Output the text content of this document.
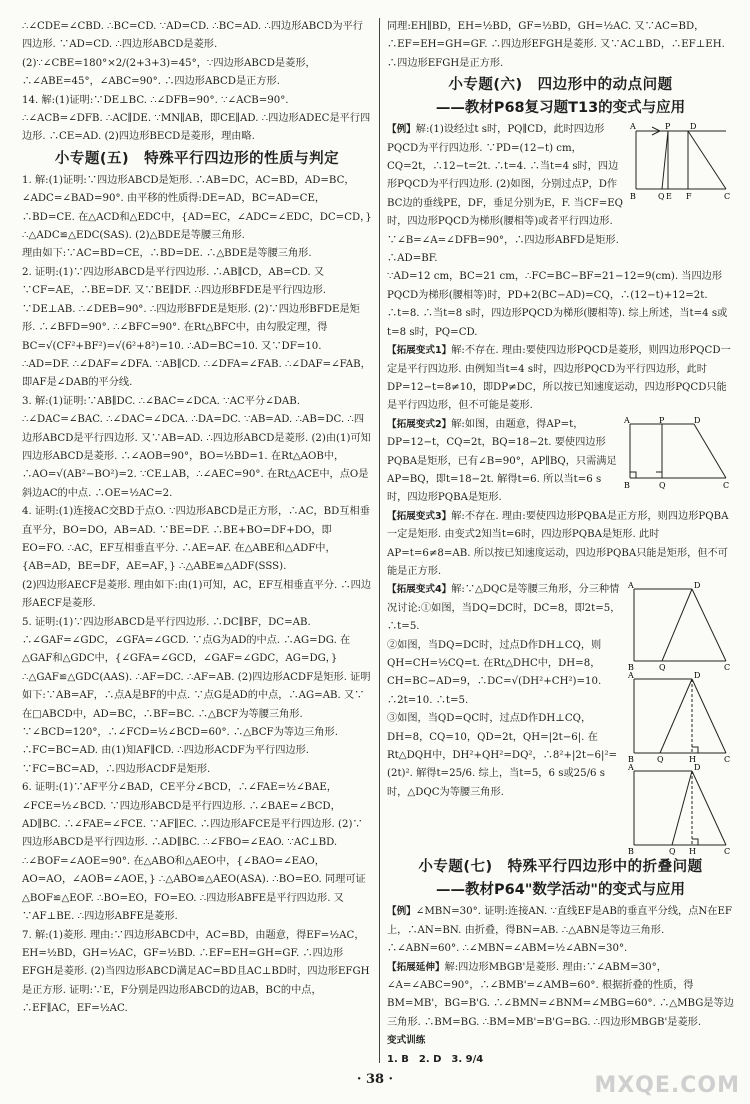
∴∠CDE=∠CBD. ∴BC=CD. ∵AD=CD. ∴BC=AD. ∴四边形ABCD为平行四边形. ∵AD=CD. ∴四边形ABCD是菱形.

(2)∵∠CBE=180°×2/(2+3+3)=45°，∵四边形ABCD是菱形，∴∠ABE=45°，∠ABC=90°. ∴四边形ABCD是正方形.

14. 解:(1)证明:∵DE⊥BC. ∴∠DFB=90°. ∵∠ACB=90°. ∴∠ACB=∠DFB. ∴AC∥DE. ∵MN∥AB，即CE∥AD. ∴四边形ADEC是平行四边形. ∴CE=AD. (2)四边形BECD是菱形，理由略.

小专题(五)　特殊平行四边形的性质与判定

1. 解:(1)证明:∵四边形ABCD是矩形. ∴AB=DC，AC=BD，AD=BC，∠ADC=∠BAD=90°. 由平移的性质得:DE=AD，BC=AD=CE，∴BD=CE. 在△ACD和△EDC中，{AD=EC，∠ADC=∠EDC，DC=CD，} ∴△ADC≌△EDC(SAS). (2)△BDE是等腰三角形.

理由如下:∵AC=BD=CE，∴BD=DE. ∴△BDE是等腰三角形.

2. 证明:(1)∵四边形ABCD是平行四边形. ∴AB∥CD，AB=CD. 又∵CF=AE，∴BE=DF. 又∵BE∥DF. ∴四边形BFDE是平行四边形. ∵DE⊥AB. ∴∠DEB=90°. ∴四边形BFDE是矩形. (2)∵四边形BFDE是矩形. ∴∠BFD=90°. ∴∠BFC=90°. 在Rt△BFC中，由勾股定理，得BC=√(CF²+BF²)=√(6²+8²)=10. ∴AD=BC=10. 又∵DF=10. ∴AD=DF. ∴∠DAF=∠DFA. ∵AB∥CD. ∴∠DFA=∠FAB. ∴∠DAF=∠FAB，即AF是∠DAB的平分线.

3. 解:(1)证明:∵AB∥DC. ∴∠BAC=∠DCA. ∵AC平分∠DAB. ∴∠DAC=∠BAC. ∴∠DAC=∠DCA. ∴DA=DC. ∵AB=AD. ∴AB=DC. ∴四边形ABCD是平行四边形. 又∵AB=AD. ∴四边形ABCD是菱形. (2)由(1)可知四边形ABCD是菱形. ∴∠AOB=90°，BO=½BD=1. 在Rt△AOB中，∴AO=√(AB²−BO²)=2. ∵CE⊥AB，∴∠AEC=90°. 在Rt△ACE中，点O是斜边AC的中点. ∴OE=½AC=2.

4. 证明:(1)连接AC交BD于点O. ∵四边形ABCD是正方形，∴AC，BD互相垂直平分，BO=DO，AB=AD. ∵BE=DF. ∴BE+BO=DF+DO，即EO=FO. ∴AC，EF互相垂直平分. ∴AE=AF. 在△ABE和△ADF中，{AB=AD，BE=DF，AE=AF，} ∴△ABE≌△ADF(SSS).

(2)四边形AECF是菱形. 理由如下:由(1)可知，AC，EF互相垂直平分. ∴四边形AECF是菱形.

5. 证明:(1)∵四边形ABCD是平行四边形. ∴DC∥BF，DC=AB. ∴∠GAF=∠GDC，∠GFA=∠GCD. ∵点G为AD的中点. ∴AG=DG. 在△GAF和△GDC中，{∠GFA=∠GCD，∠GAF=∠GDC，AG=DG，} ∴△GAF≌△GDC(AAS). ∴AF=DC. ∴AF=AB. (2)四边形ACDF是矩形. 证明如下:∵AB=AF，∴点A是BF的中点. ∵点G是AD的中点，∴AG=AB. 又∵在□ABCD中，AD=BC，∴BF=BC. ∴△BCF为等腰三角形. ∵∠BCD=120°，∴∠FCD=½∠BCD=60°. ∴△BCF为等边三角形. ∴FC=BC=AD. 由(1)知AF∥CD. ∴四边形ACDF为平行四边形. ∵FC=BC=AD，∴四边形ACDF是矩形.

6. 证明:(1)∵AF平分∠BAD，CE平分∠BCD，∴∠FAE=½∠BAE，∠FCE=½∠BCD. ∵四边形ABCD是平行四边形. ∴∠BAE=∠BCD，AD∥BC. ∴∠FAE=∠FCE. ∵AF∥EC. ∴四边形AFCE是平行四边形. (2)∵四边形ABCD是平行四边形. ∴AD∥BC. ∴∠FBO=∠EAO. ∵AC⊥BD. ∴∠BOF=∠AOE=90°. 在△ABO和△AEO中，{∠BAO=∠EAO，AO=AO，∠AOB=∠AOE，} ∴△ABO≌△AEO(ASA). ∴BO=EO. 同理可证△BOF≌△EOF. ∴BO=EO，FO=EO. ∴四边形ABFE是平行四边形. 又∵AF⊥BE. ∴四边形ABFE是菱形.

7. 解:(1)菱形. 理由:∵四边形ABCD中，AC=BD，由题意，得EF=½AC，EH=½BD，GH=½AC，GF=½BD. ∴EF=EH=GH=GF. ∴四边形EFGH是菱形. (2)当四边形ABCD满足AC=BD且AC⊥BD时，四边形EFGH是正方形. 证明:∵E，F分别是四边形ABCD的边AB，BC的中点，∴EF∥AC，EF=½AC.

同理:EH∥BD，EH=½BD，GF=½BD，GH=½AC. 又∵AC=BD，∴EF=EH=GH=GF. ∴四边形EFGH是菱形. 又∵AC⊥BD，∴EF⊥EH. ∴四边形EFGH是正方形.

小专题(六)　四边形中的动点问题
——教材P68复习题T13的变式与应用

【例】解:(1)设经过t s时，PQ∥CD，此时四边形PQCD为平行四边形. ∵PD=(12−t) cm，CQ=2t，∴12−t=2t. ∴t=4. ∴当t=4 s时，四边形PQCD为平行四边形. (2)如图，分别过点P，D作BC边的垂线PE，DF，垂足分别为E，F. 当CF=EQ时，四边形PQCD为梯形(腰相等)或者平行四边形. ∵∠B=∠A=∠DFB=90°，∴四边形ABFD是矩形. ∴AD=BF.

A	P D
B	Q E F	C

∵AD=12 cm，BC=21 cm，∴FC=BC−BF=21−12=9(cm). 当四边形PQCD为梯形(腰相等)时，PD+2(BC−AD)=CQ，∴(12−t)+12=2t. ∴t=8. ∴当t=8 s时，四边形PQCD为梯形(腰相等). 综上所述，当t=4 s或t=8 s时，PQ=CD.

【拓展变式1】解:不存在. 理由:要使四边形PQCD是菱形，则四边形PQCD一定是平行四边形. 由例知当t=4 s时，四边形PQCD为平行四边形，此时DP=12−t=8≠10，即DP≠DC，所以按已知速度运动，四边形PQCD只能是平行四边形，但不可能是菱形.

【拓展变式2】解:如图，由题意，得AP=t，DP=12−t，CQ=2t，BQ=18−2t. 要使四边形PQBA是矩形，已有∠B=90°，AP∥BQ，只需满足AP=BQ，即t=18−2t. 解得t=6. 所以当t=6 s时，四边形PQBA是矩形.

A	P	D
B	Q	C

【拓展变式3】解:不存在. 理由:要使四边形PQBA是正方形，则四边形PQBA一定是矩形. 由变式2知当t=6时，四边形PQBA是矩形. 此时AP=t=6≠8=AB. 所以按已知速度运动，四边形PQBA只能是矩形，但不可能是正方形.

【拓展变式4】解:∵△DQC是等腰三角形，分三种情况讨论:①如图，当DQ=DC时，DC=8，即2t=5，∴t=5.

②如图，当DQ=DC时，过点D作DH⊥CQ，则QH=CH=½CQ=t. 在Rt△DHC中，DH=8，CH=BC−AD=9，∴DC=√(DH²+CH²)=10. ∴2t=10. ∴t=5.

③如图，当QD=QC时，过点D作DH⊥CQ，DH=8，CQ=10，QD=2t，QH=|2t−6|. 在Rt△DQH中，DH²+QH²=DQ²，∴8²+|2t−6|²=(2t)². 解得t=25/6. 综上，当t=5，6 s或25/6 s时，△DQC为等腰三角形.

A	D
B	Q	C
A	D
B	Q	H	C
A	D
B	Q H	C
小专题(七)　特殊平行四边形中的折叠问题
——教材P64"数学活动"的变式与应用

【例】∠MBN=30°. 证明:连接AN. ∵直线EF是AB的垂直平分线，点N在EF上，∴AN=BN. 由折叠，得BN=AB. ∴△ABN是等边三角形. ∴∠ABN=60°. ∴∠MBN=∠ABM=½∠ABN=30°.

【拓展延伸】解:四边形MBGB'是菱形. 理由:∵∠ABM=30°，∠A=∠ABC=90°，∴∠BMB'=∠AMB=60°. 根据折叠的性质，得BM=MB'，BG=B'G. ∴∠BMN=∠BNM=∠MBG=60°. ∴△MBG是等边三角形. ∴BM=BG. ∴BM=MB'=B'G=BG. ∴四边形MBGB'是菱形.

变式训练

1. B　2. D　3. 9/4

· 38 ·	MXQE.COM
